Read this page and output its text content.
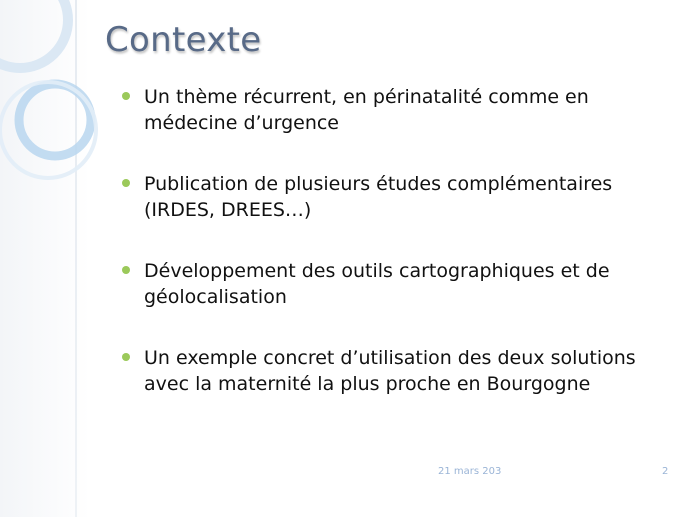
Contexte
Un thème récurrent, en périnatalité comme en médecine d’urgence
Publication de plusieurs études complémentaires (IRDES, DREES…)
Développement des outils cartographiques et de géolocalisation
Un exemple concret d’utilisation des deux solutions avec la maternité la plus proche en Bourgogne
21 mars 203	2
